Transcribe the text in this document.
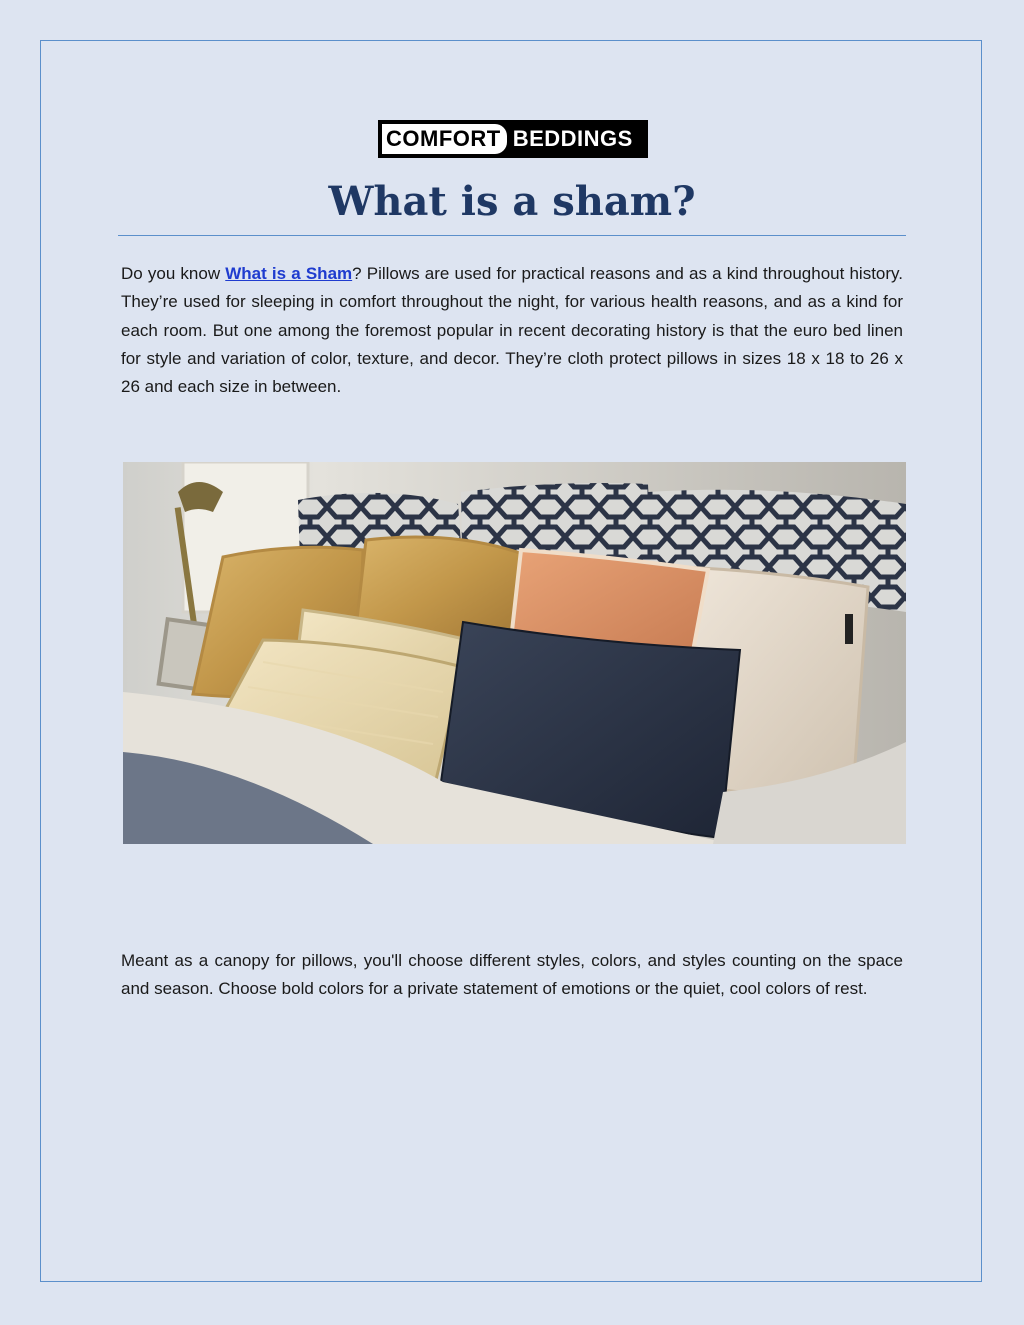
COMFORT BEDDINGS
What is a sham?

Do you know What is a Sham? Pillows are used for practical reasons and as a kind throughout history. They’re used for sleeping in comfort throughout the night, for various health reasons, and as a kind for each room. But one among the foremost popular in recent decorating history is that the euro bed linen for style and variation of color, texture, and decor. They’re cloth protect pillows in sizes 18 x 18 to 26 x 26 and each size in between.

Meant as a canopy for pillows, you'll choose different styles, colors, and styles counting on the space and season. Choose bold colors for a private statement of emotions or the quiet, cool colors of rest.
